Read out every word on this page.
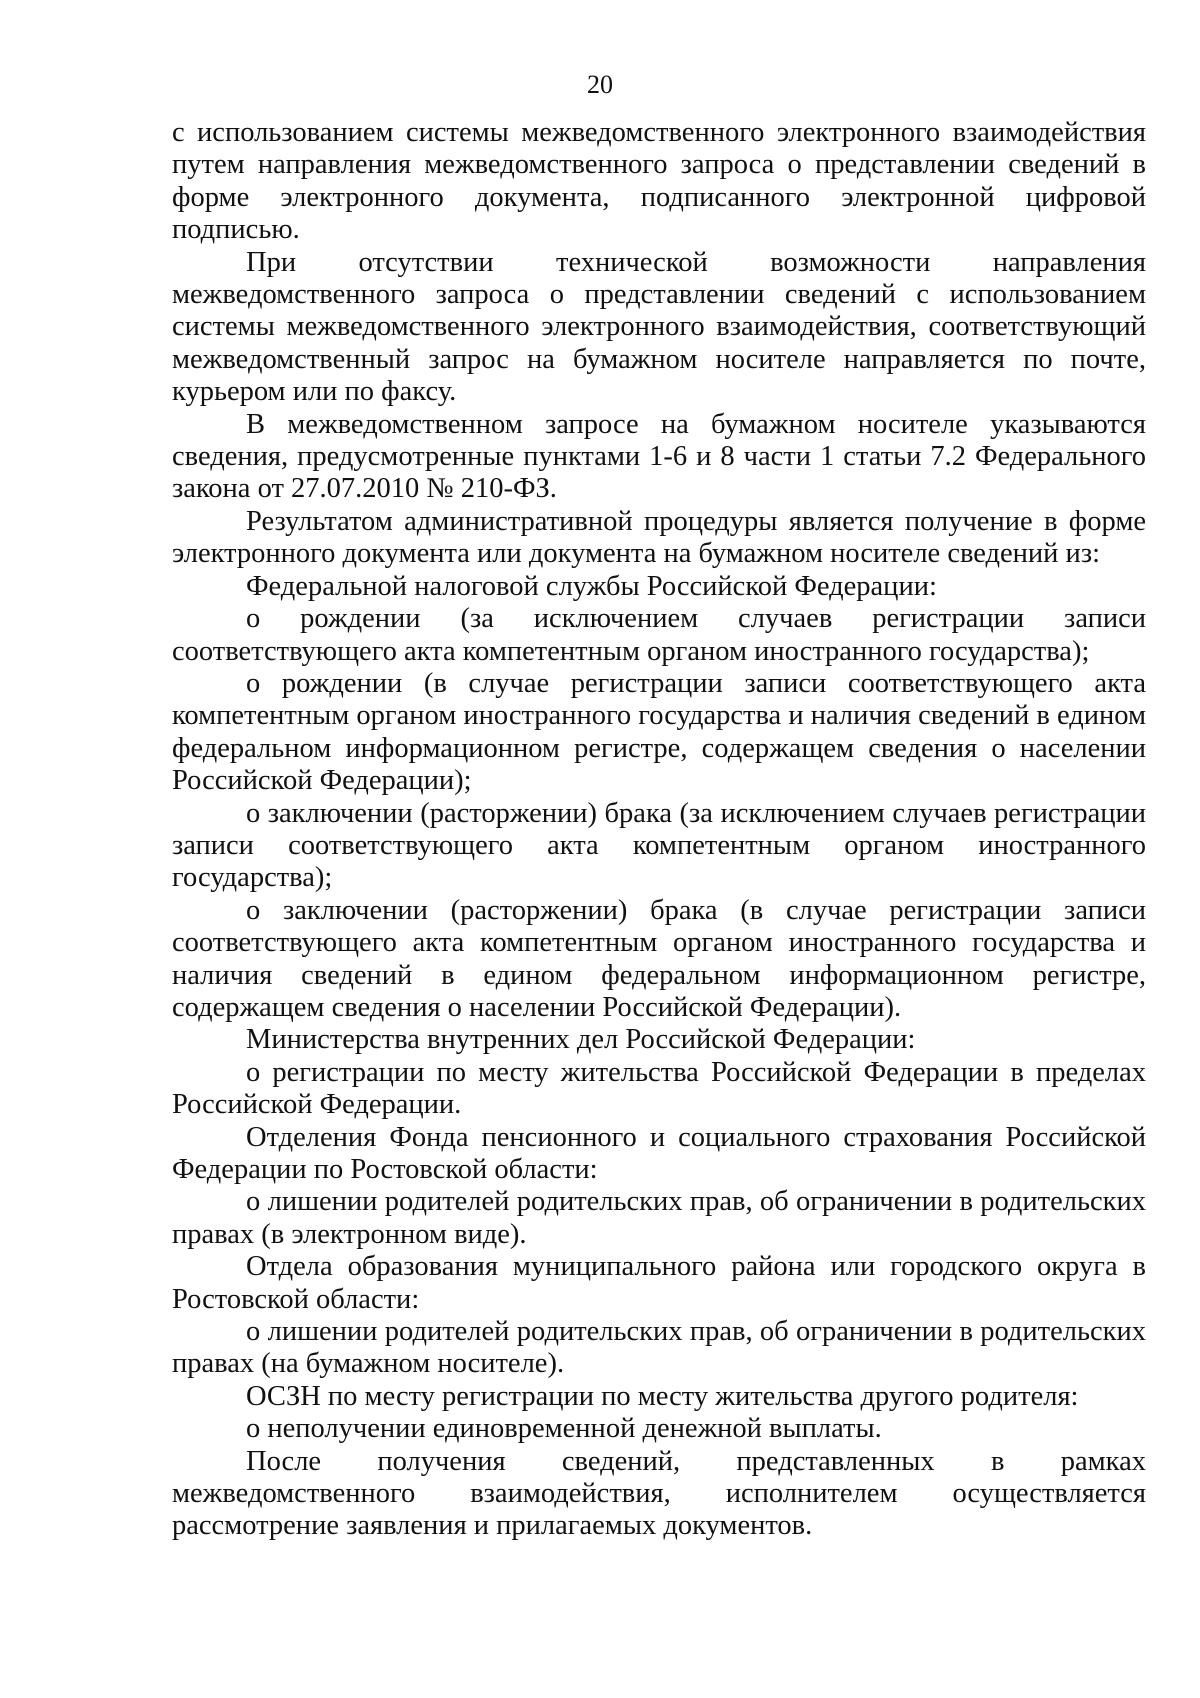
20

с использованием системы межведомственного электронного взаимодействия путем направления межведомственного запроса о представлении сведений в форме электронного документа, подписанного электронной цифровой подписью.

При отсутствии технической возможности направления межведомственного запроса о представлении сведений с использованием системы межведомственного электронного взаимодействия, соответствующий межведомственный запрос на бумажном носителе направляется по почте, курьером или по факсу.

В межведомственном запросе на бумажном носителе указываются сведения, предусмотренные пунктами 1-6 и 8 части 1 статьи 7.2 Федерального закона от 27.07.2010 № 210-ФЗ.

Результатом административной процедуры является получение в форме электронного документа или документа на бумажном носителе сведений из:

Федеральной налоговой службы Российской Федерации:

о рождении (за исключением случаев регистрации записи соответствующего акта компетентным органом иностранного государства);

о рождении (в случае регистрации записи соответствующего акта компетентным органом иностранного государства и наличия сведений в едином федеральном информационном регистре, содержащем сведения о населении Российской Федерации);

о заключении (расторжении) брака (за исключением случаев регистрации записи соответствующего акта компетентным органом иностранного государства);

о заключении (расторжении) брака (в случае регистрации записи соответствующего акта компетентным органом иностранного государства и наличия сведений в едином федеральном информационном регистре, содержащем сведения о населении Российской Федерации).

Министерства внутренних дел Российской Федерации:

о регистрации по месту жительства Российской Федерации в пределах Российской Федерации.

Отделения Фонда пенсионного и социального страхования Российской Федерации по Ростовской области:

о лишении родителей родительских прав, об ограничении в родительских правах (в электронном виде).

Отдела образования муниципального района или городского округа в Ростовской области:

о лишении родителей родительских прав, об ограничении в родительских правах (на бумажном носителе).

ОСЗН по месту регистрации по месту жительства другого родителя:

о неполучении единовременной денежной выплаты.

После получения сведений, представленных в рамках межведомственного взаимодействия, исполнителем осуществляется рассмотрение заявления и прилагаемых документов.
